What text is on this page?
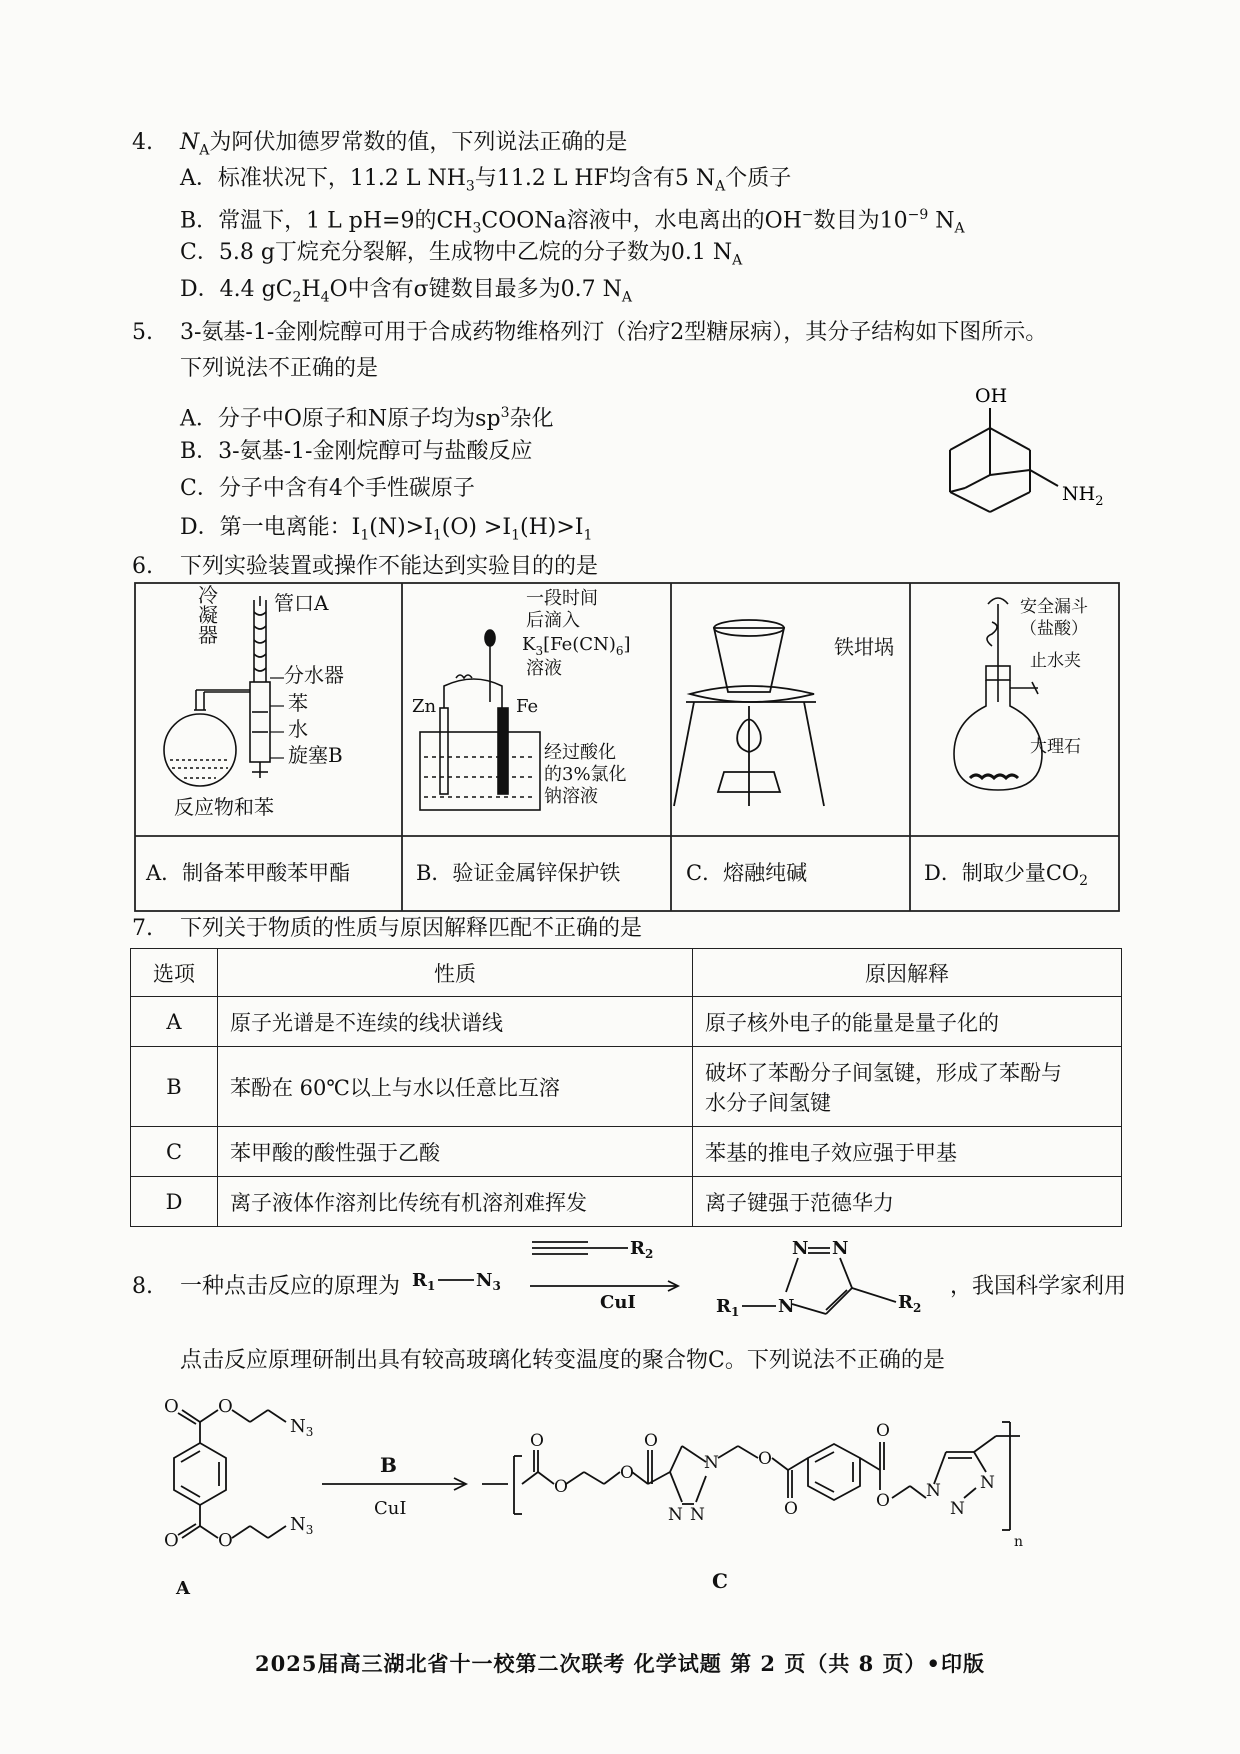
4. $N_A$为阿伏加德罗常数的值，下列说法正确的是
A．标准状况下，11.2 L $NH_3$与11.2 L HF均含有5 $N_A$个质子
B．常温下，1 L pH=9的$CH_3COONa$溶液中，水电离出的OH−数目为$10^{-9}$ $N_A$
C．5.8 g丁烷充分裂解，生成物中乙烷的分子数为0.1 $N_A$
D．4.4 $gC_2H_4O$中含有σ键数目最多为0.7 $N_A$
5. 3-氨基-1-金刚烷醇可用于合成药物维格列汀（治疗2型糖尿病），其分子结构如下图所示。
下列说法不正确的是
A．分子中O原子和N原子均为$sp^3$杂化
B．3-氨基-1-金刚烷醇可与盐酸反应
C．分子中含有4个手性碳原子
D．第一电离能：$I_1(N)>I_1(O) >I_1(H)>I_1$
OH
$NH_2$
6. 下列实验装置或操作不能达到实验目的的是
冷
凝
器
管口A
分水器
苯
水
旋塞B
反应物和苯
一段时间
后滴入
$K_3[Fe(CN)_6]$
溶液
Zn	Fe
经过酸化
的3%氯化
钠溶液
铁坩埚
安全漏斗
（盐酸）
止水夹
大理石
A．制备苯甲酸苯甲酯	B．验证金属锌保护铁	C．熔融纯碱	D．制取少量$CO_2$
7. 下列关于物质的性质与原因解释匹配不正确的是
选项	性质	原因解释
A	原子光谱是不连续的线状谱线	原子核外电子的能量是量子化的
B	苯酚在 60℃以上与水以任意比互溶	破坏了苯酚分子间氢键，形成了苯酚与
水分子间氢键

C	苯甲酸的酸性强于乙酸	苯基的推电子效应强于甲基
D	离子液体作溶剂比传统有机溶剂难挥发	离子键强于范德华力
8. 一种点击反应的原理为	，我国科学家利用
$R_1$ $N_3$
$R_2$
CuI	$R_1$ N
N N
$R_2$
点击反应原理研制出具有较高玻璃化转变温度的聚合物C。下列说法不正确的是
O O
$N_3$
O O
$N_3$
A
B
CuI
O
O
O
O
N
N N
O
O
O
O N
N
N
n
C
2025届高三湖北省十一校第二次联考 化学试题 第 2 页（共 8 页）•印版
